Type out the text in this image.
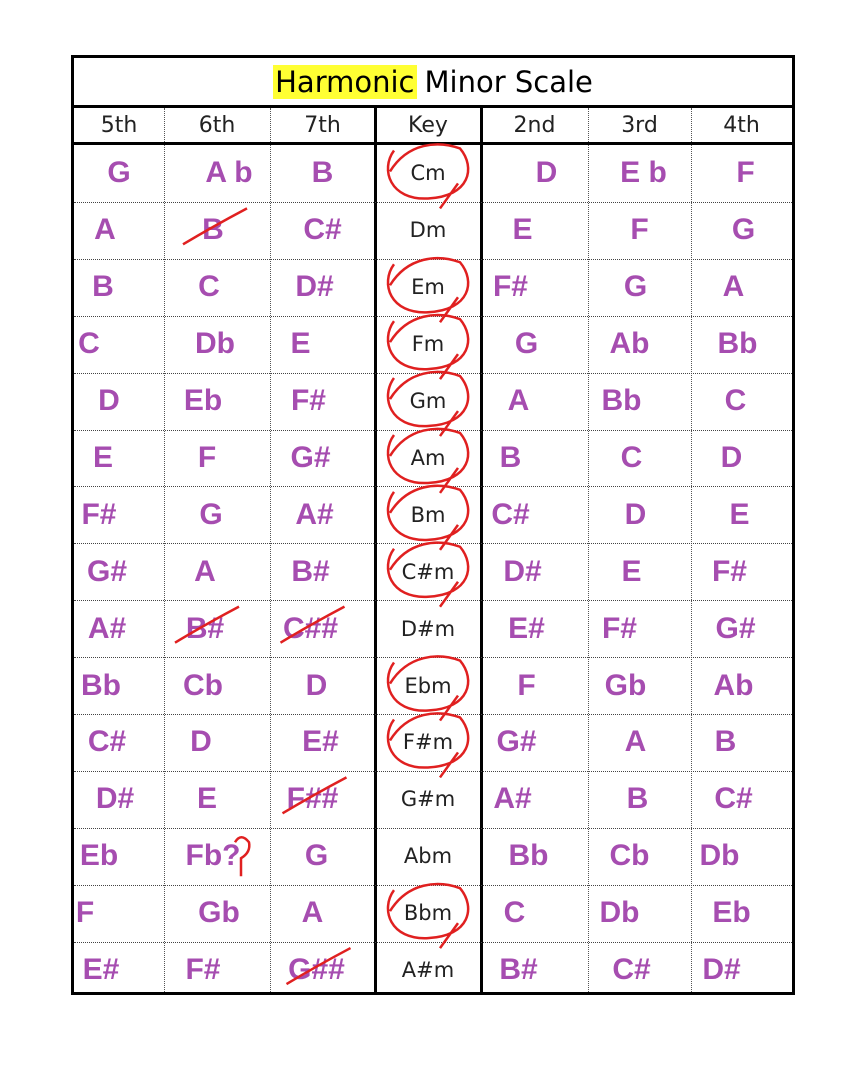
Harmonic Minor Scale
5th	6th	7th	Key	2nd	3rd	4th
G	A b	B	Cm	D	E b	F
A	B	C#	Dm	E	F	G
B	C	D#	Em	F#	G	A
C	Db	E	Fm	G	Ab	Bb
D	Eb	F#	Gm	A	Bb	C
E	F	G#	Am	B	C	D
F#	G	A#	Bm	C#	D	E
G#	A	B#	C#m	D#	E	F#
A#	B#	C##	D#m	E#	F#	G#
Bb	Cb	D	Ebm	F	Gb	Ab
C#	D	E#	F#m	G#	A	B
D#	E	F##	G#m	A#	B	C#
Eb	Fb?	G	Abm	Bb	Cb	Db
F	Gb	A	Bbm	C	Db	Eb
E#	F#	G##	A#m	B#	C#	D#
